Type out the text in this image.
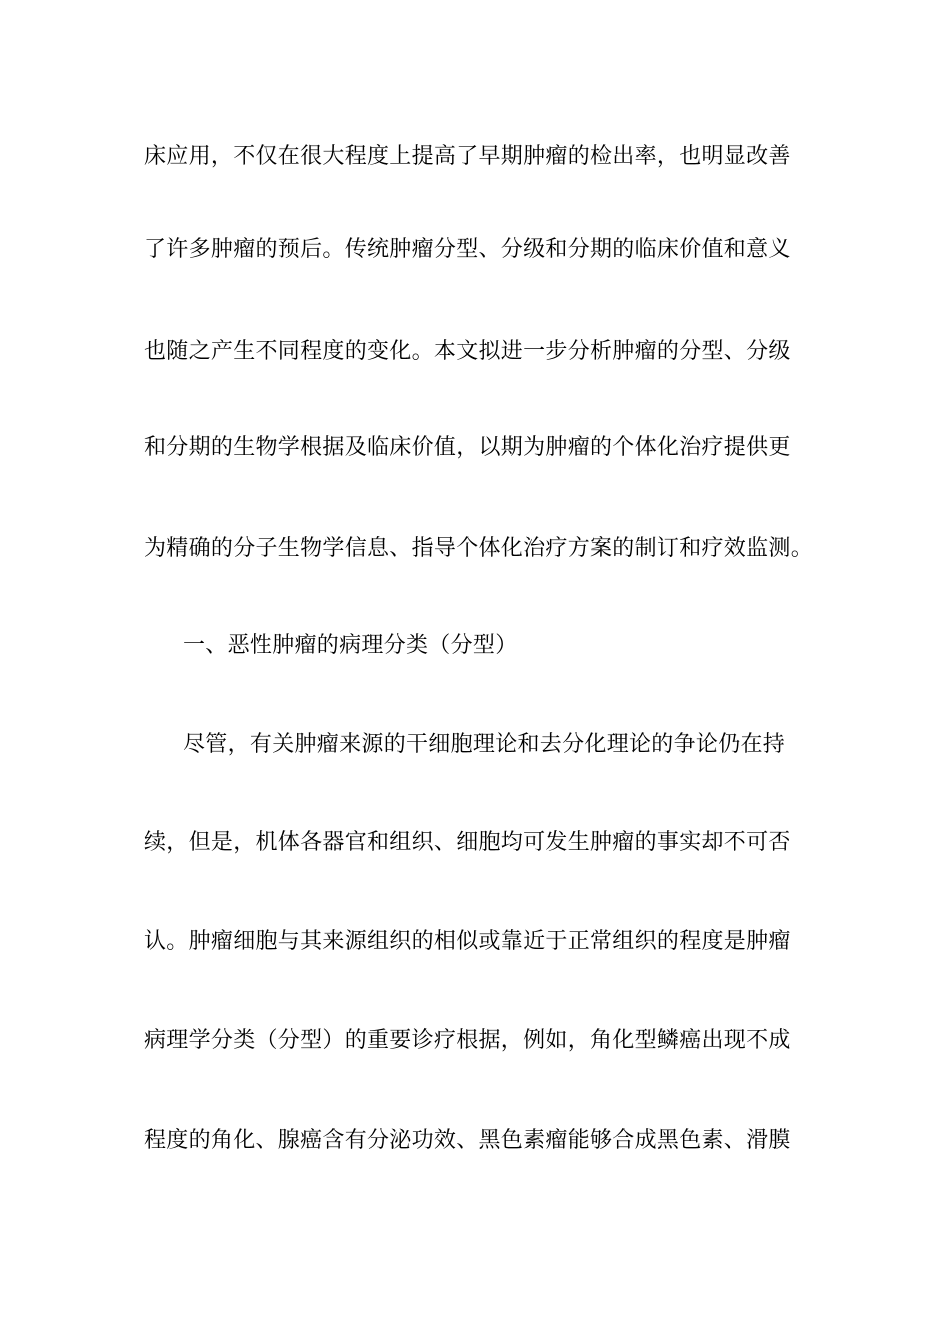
床应用，不仅在很大程度上提高了早期肿瘤的检出率，也明显改善
了许多肿瘤的预后。传统肿瘤分型、分级和分期的临床价值和意义
也随之产生不同程度的变化。本文拟进一步分析肿瘤的分型、分级
和分期的生物学根据及临床价值，以期为肿瘤的个体化治疗提供更
为精确的分子生物学信息、指导个体化治疗方案的制订和疗效监测。
一、恶性肿瘤的病理分类（分型）
尽管，有关肿瘤来源的干细胞理论和去分化理论的争论仍在持
续，但是，机体各器官和组织、细胞均可发生肿瘤的事实却不可否
认。肿瘤细胞与其来源组织的相似或靠近于正常组织的程度是肿瘤
病理学分类（分型）的重要诊疗根据，例如，角化型鳞癌出现不成
程度的角化、腺癌含有分泌功效、黑色素瘤能够合成黑色素、滑膜
